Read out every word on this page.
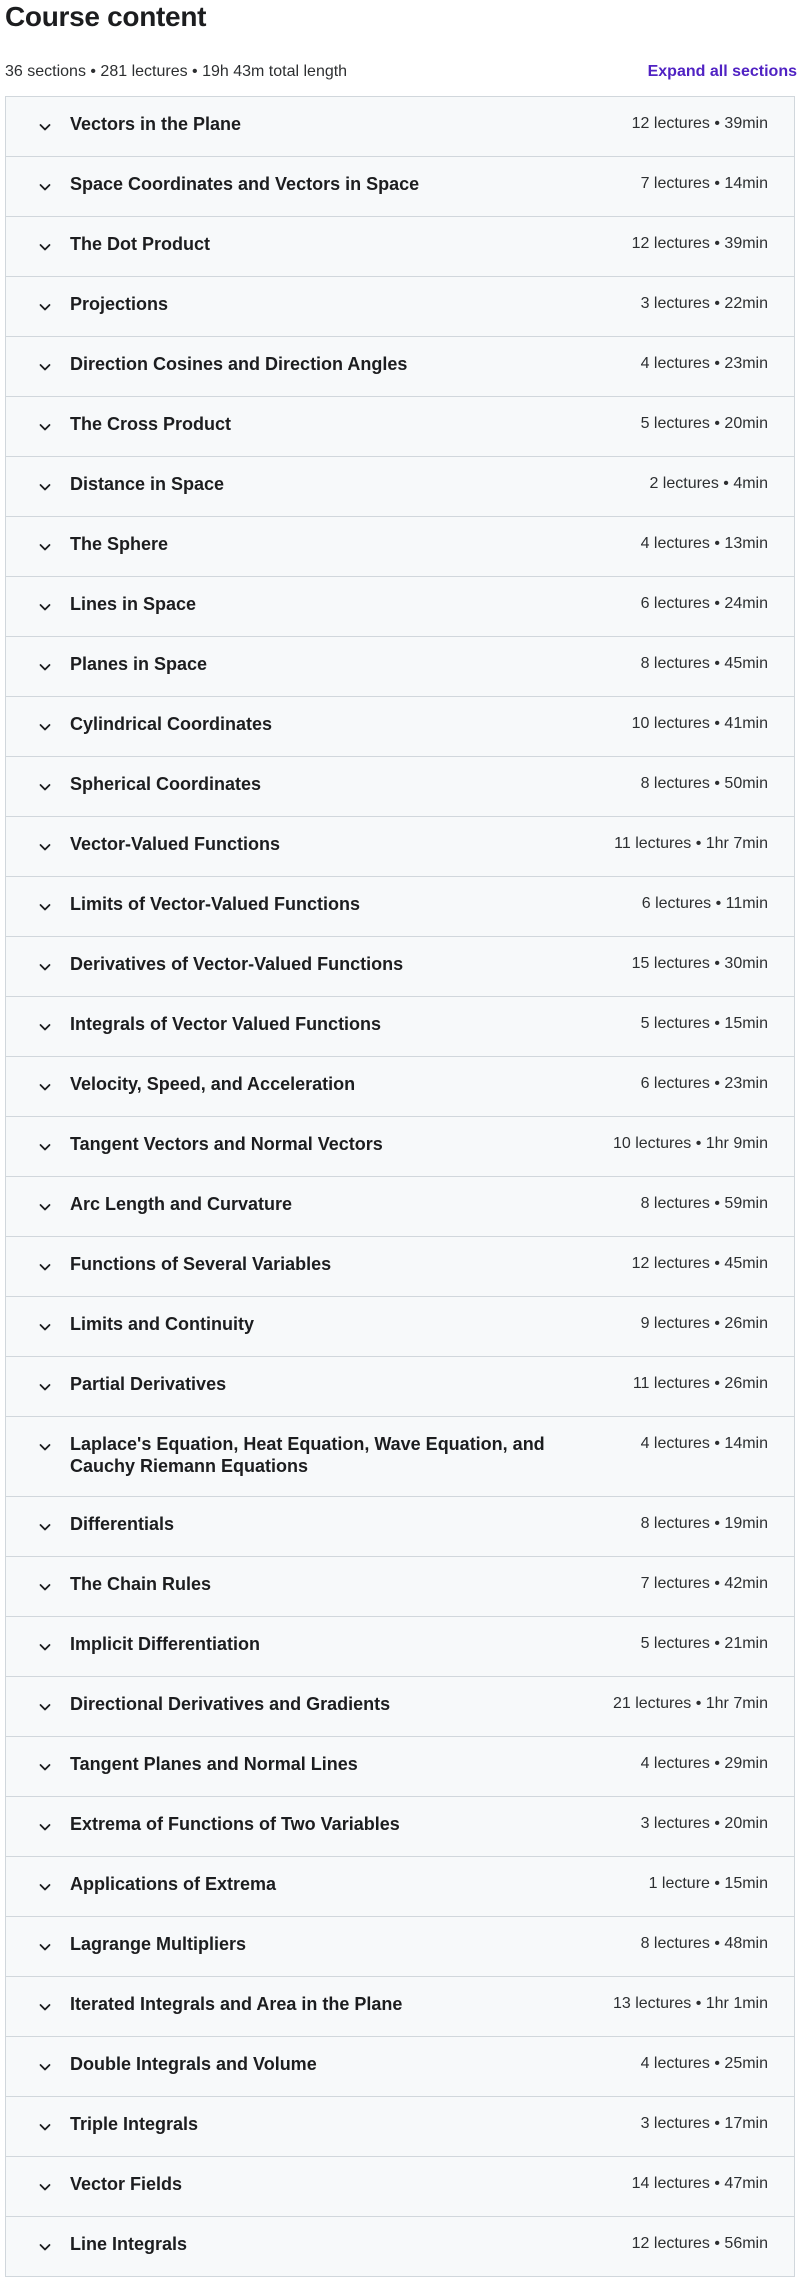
Course content
36 sections • 281 lectures • 19h 43m total length	Expand all sections
Vectors in the Plane	12 lectures • 39min
Space Coordinates and Vectors in Space	7 lectures • 14min
The Dot Product	12 lectures • 39min
Projections	3 lectures • 22min
Direction Cosines and Direction Angles	4 lectures • 23min
The Cross Product	5 lectures • 20min
Distance in Space	2 lectures • 4min
The Sphere	4 lectures • 13min
Lines in Space	6 lectures • 24min
Planes in Space	8 lectures • 45min
Cylindrical Coordinates	10 lectures • 41min
Spherical Coordinates	8 lectures • 50min
Vector-Valued Functions	11 lectures • 1hr 7min
Limits of Vector-Valued Functions	6 lectures • 11min
Derivatives of Vector-Valued Functions	15 lectures • 30min
Integrals of Vector Valued Functions	5 lectures • 15min
Velocity, Speed, and Acceleration	6 lectures • 23min
Tangent Vectors and Normal Vectors	10 lectures • 1hr 9min
Arc Length and Curvature	8 lectures • 59min
Functions of Several Variables	12 lectures • 45min
Limits and Continuity	9 lectures • 26min
Partial Derivatives	11 lectures • 26min
Laplace's Equation, Heat Equation, Wave Equation, and Cauchy Riemann Equations
4 lectures • 14min
Differentials	8 lectures • 19min
The Chain Rules	7 lectures • 42min
Implicit Differentiation	5 lectures • 21min
Directional Derivatives and Gradients	21 lectures • 1hr 7min
Tangent Planes and Normal Lines	4 lectures • 29min
Extrema of Functions of Two Variables	3 lectures • 20min
Applications of Extrema	1 lecture • 15min
Lagrange Multipliers	8 lectures • 48min
Iterated Integrals and Area in the Plane	13 lectures • 1hr 1min
Double Integrals and Volume	4 lectures • 25min
Triple Integrals	3 lectures • 17min
Vector Fields	14 lectures • 47min
Line Integrals	12 lectures • 56min
